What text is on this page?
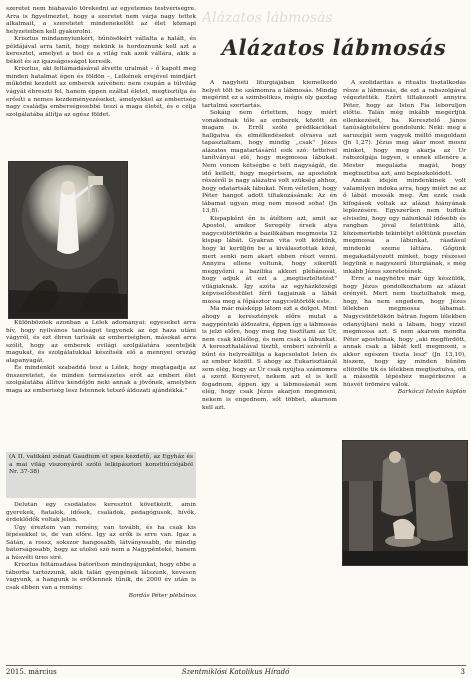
szeretet nem hiábavaló törekedni az egyetemes testvériségre. Arra is figyelmeztet, hogy a szeretet nem várja nagy tettek alkalmait, a szeretetet mindenekelőtt az élet köznapi helyzeteiben kell gyakorolni.

Krisztus mindannyiunkért, bűnösökért vállalta a halált, és példájával arra tanít, hogy nekünk is hordoznunk kell azt a keresztet, amelyet a test és a világ rak azok vállára, akik a békét és az igazságosságot keresik.

Krisztus, aki feltámadásával átvette uralmát – ő kapott meg minden hatalmat égen és földön –, Lelkének erejével mindjárt működni kezdett az emberek szívében: nem csupán a túlvilág vágyát ébreszti fel, hanem éppen ezáltal életet, megtisztítja és erősíti a nemes kezdeményezéseket, amelyekkel az emberiség nagy családja emberségesebbé teszi a maga életét, és e célja szolgálatába állítja az egész földet.

Különbözőek azonban a Lélek adományai: egyeseket arra hív, hogy nyilvános tanúságot tegyenek az égi haza utáni vágyról, és ezt ébren tartsák az emberiségben, másokat arra szólít, hogy az emberek evilági szolgálatára szenteljék magukat, és szolgálatukkal készítsék elő a mennyei ország alapanyagát.

És mindenkit szabaddá tesz a Lélek, hogy megtagadja az önszeretetet, és minden természetes erőt az emberi élet szolgálatába állítva kendőjön neki annak a jövőnek, amelyben maga az emberiség lesz Istennek tetsző áldozati ajándékká."

(A II. vatikáni zsinat Gaudium et spes kezdetű, az Egyház és a mai világ viszonyáról szóló lelkipásztori konstitúciójából Nr. 37-38)

Délután egy csodálatos keresztút követkéztt, amin gyerekek, fiatalok, idősek, családok, pedagógusok, hívők, érdeklődők voltak jelen.

Úgy éreztem van remény, van tovább, és ha csak kis lépésekkel is, de van előre. Így az erők is erre van. Igaz a Sátán, a rossz, sokszor hangosabb, látványosabb, de mindig bátorságosabb, hogy az utolsó szó nem a Nagypénteké, hanem a húsvéti üres siré.

Krisztus feltámadása bátorítson mindnyájunkat, hogy ebbe a táborba tartozzunk, akik talán gyengének látszunk, kevesen vagyunk, a hangunk is erőtlennek tűnik, de 2000 év után is csak ebben van a remény.

Bordás Péter plébános

Alázatos lábmosás
Alázatos lábmosás

A nagyhéti liturgiájában kiemelkedő helyet tölt be számomra a lábmosás. Mindig megérint ez a szimbolikus, mégis oly gazdag tartalmú szertartás.

Sokáig nem értettem, hogy miért vonakodnak tőle az emberek, között én magam is. Erről szóló prédikációkat hallgatva és elmélkedéseket olvasva azt tapasztaltam, hogy mindig „csak" Jézus alázatos magatartásáról esik szó: tetteivel tanítványai elé, hogy megmossa lábukat. Nem vonom kétségbe e tett nagyságát, de idő kellett, hogy megértsem, az apostolok részéről is nagy alázatra volt szükség ahhoz, hogy odatartsák lábukat. Nem véletlen, hogy Péter hangot adott tiltakozásának: Az én lábamat ugyan meg nem mosod soha! (Jn 13,8).

Kispapként én is átéltem azt, amit az Apostol, amikor Seregély érsek atya nagycsütörtökön a bazilikában megmosta 12 kispap lábát. Gyakran vita volt köztünk, hogy ki kerüljön be a kiválasztottak közé, mert senki nem akart ebben részt venni. Annyira ellene voltunk, hogy sikerült meggyőzni a bazilika akkori plébánosát, hogy adjuk át ezt a „megtiszteltetést" világiaknak. Így azóta az egyházközségi képviselőtestület férfi tagjainak a lábát mossa meg a főpásztor nagycsütörtök este.

Ma már másképp látom ezt a dolgot. Mint ahogy a keresztények előre mutat a nagypénteki áldozatra, éppen így a lábmosás is jelzi előre, hogy meg fog tisztítani az Úr, nem csak külsőleg, és nem csak a lábunkat. A kereszthalálával tisztít, emberi szívéről a bűnt és helyreállítja a kapcsolatot Isten és az ember között. S ahogy az Eukarisztiánál sem elég, hogy az Úr csak nyújtsa számomra a szent Kenyeret, nekem azt el is kell fogadnom, éppen így a lábmosásnál sem elég, hogy csak Jézus akarjon megmosni, nekem is engednem, sőt többet, akarnom kell azt.

A szolidaritás a rituális tisztálkodás része a lábmosás, de ezt a rabszolgával végeztették. Ezért tiltakozott annyira Péter, hogy az Isten Fia leboruljon előtte. Talán még inkább megértjük ellenkezését, ha Keresztelő János tanúságtételére gondolunk: Neki: meg a saruszíját sem vagyok méltó megoldani (Jn 1,27). Jézus meg akar most mosni minket, hogy meg akarja az Úr rabszolgája legyen, s ennek ellenére a Mester megalázta magát, hogy megtisztítsa azt, ami bepiszkolódott.

Annak idején mindenkinek volt valamilyen indoka arra, hogy miért ne az ő lábát mossák meg. Ám ezek csak kifogások voltak az alázat hiányának leplezésére. Egyszerűen nem tudtuk elviselni, hogy egy nálunknál idősebb és rangban jóval feletttünk álló, közismertebb tekintélyt előttünk pusztán megmossa a lábunkat, ráadásul mindenki szeme láttára. Gőgünk megakadályozott minket, hogy részesei legyünk e nagyszerű liturgiának, s még inkább Jézus szeretetének.

Erre a nagyhétre már úgy készülök, hogy Jézus gondolkozhatom az alázat erényét. Mert nem tisztulhatok meg, hogy, ha nem engedem, hogy Jézus lélekben megmossa lábamat. Nagycsütörtökön bátran fogom lélekben odanyújtani neki a lábam, hogy vizzel megmossa azt. S nem akarom mondta Péter apostolnak, hogy „aki megfürdött, annak csak a lábát kell megmosni, s akkor egészen tiszta lesz" (Jn 13,10), hiszem, hogy így minden bűnöm eltörölte tik és lélekben megtisztulva, ott a második lépéshez megérkezve a húsvét örömére válok.

Barkóczi István káplán

2015. március	Szentmiklósi Katolikus Híradó	3
